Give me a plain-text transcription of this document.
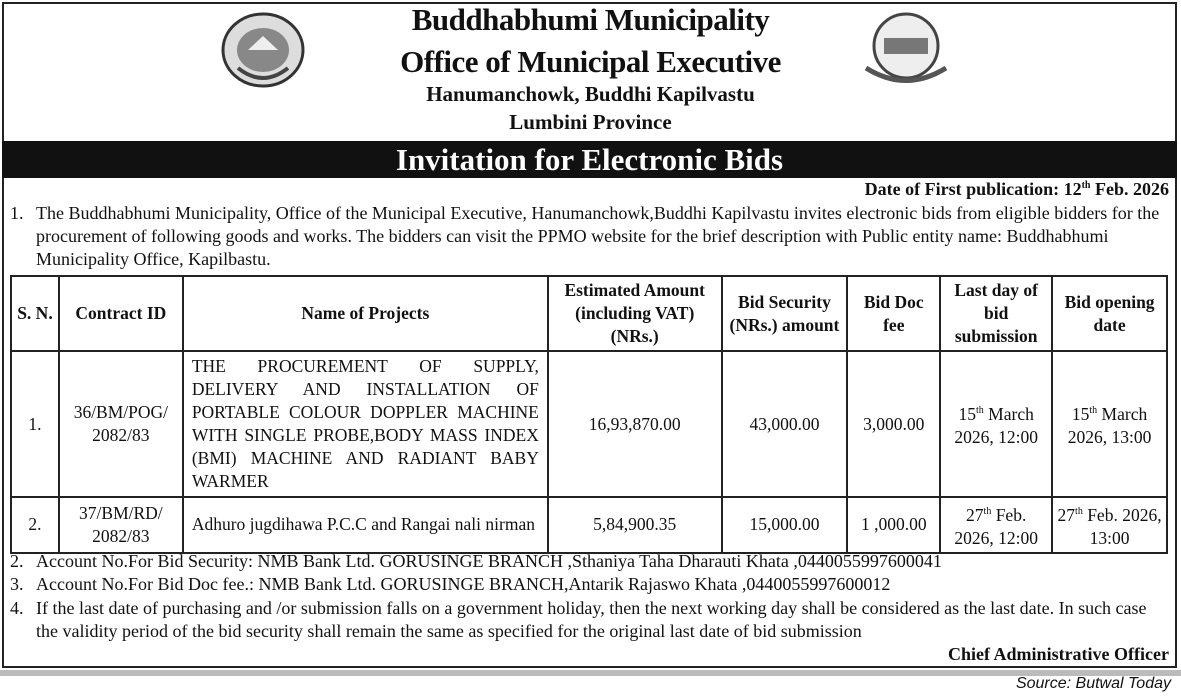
Buddhabhumi Municipality
Office of Municipal Executive
Hanumanchowk, Buddhi Kapilvastu
Lumbini Province
Invitation for Electronic Bids
Date of First publication: 12th Feb. 2026
1. The Buddhabhumi Municipality, Office of the Municipal Executive, Hanumanchowk,Buddhi Kapilvastu invites electronic bids from eligible bidders for the procurement of following goods and works. The bidders can visit the PPMO website for the brief description with Public entity name: Buddhabhumi Municipality Office, Kapilbastu.
S. N.	Contract ID	Name of Projects	Estimated Amount (including VAT) (NRs.)	Bid Security (NRs.) amount	Bid Doc fee	Last day of bid submission	Bid opening date
1.	36/BM/POG/ 2082/83	THE PROCUREMENT OF SUPPLY, DELIVERY AND INSTALLATION OF PORTABLE COLOUR DOPPLER MACHINE WITH SINGLE PROBE,BODY MASS INDEX (BMI) MACHINE AND RADIANT BABY WARMER	16,93,870.00	43,000.00	3,000.00	15th March 2026, 12:00	15th March 2026, 13:00
2.	37/BM/RD/ 2082/83	Adhuro jugdihawa P.C.C and Rangai nali nirman	5,84,900.35	15,000.00	1 ,000.00	27th Feb. 2026, 12:00	27th Feb. 2026, 13:00
2. Account No.For Bid Security: NMB Bank Ltd. GORUSINGE BRANCH ,Sthaniya Taha Dharauti Khata ,0440055997600041
3. Account No.For Bid Doc fee.: NMB Bank Ltd. GORUSINGE BRANCH,Antarik Rajaswo Khata ,0440055997600012
4. If the last date of purchasing and /or submission falls on a government holiday, then the next working day shall be considered as the last date. In such case the validity period of the bid security shall remain the same as specified for the original last date of bid submission
Chief Administrative Officer
Source: Butwal Today
